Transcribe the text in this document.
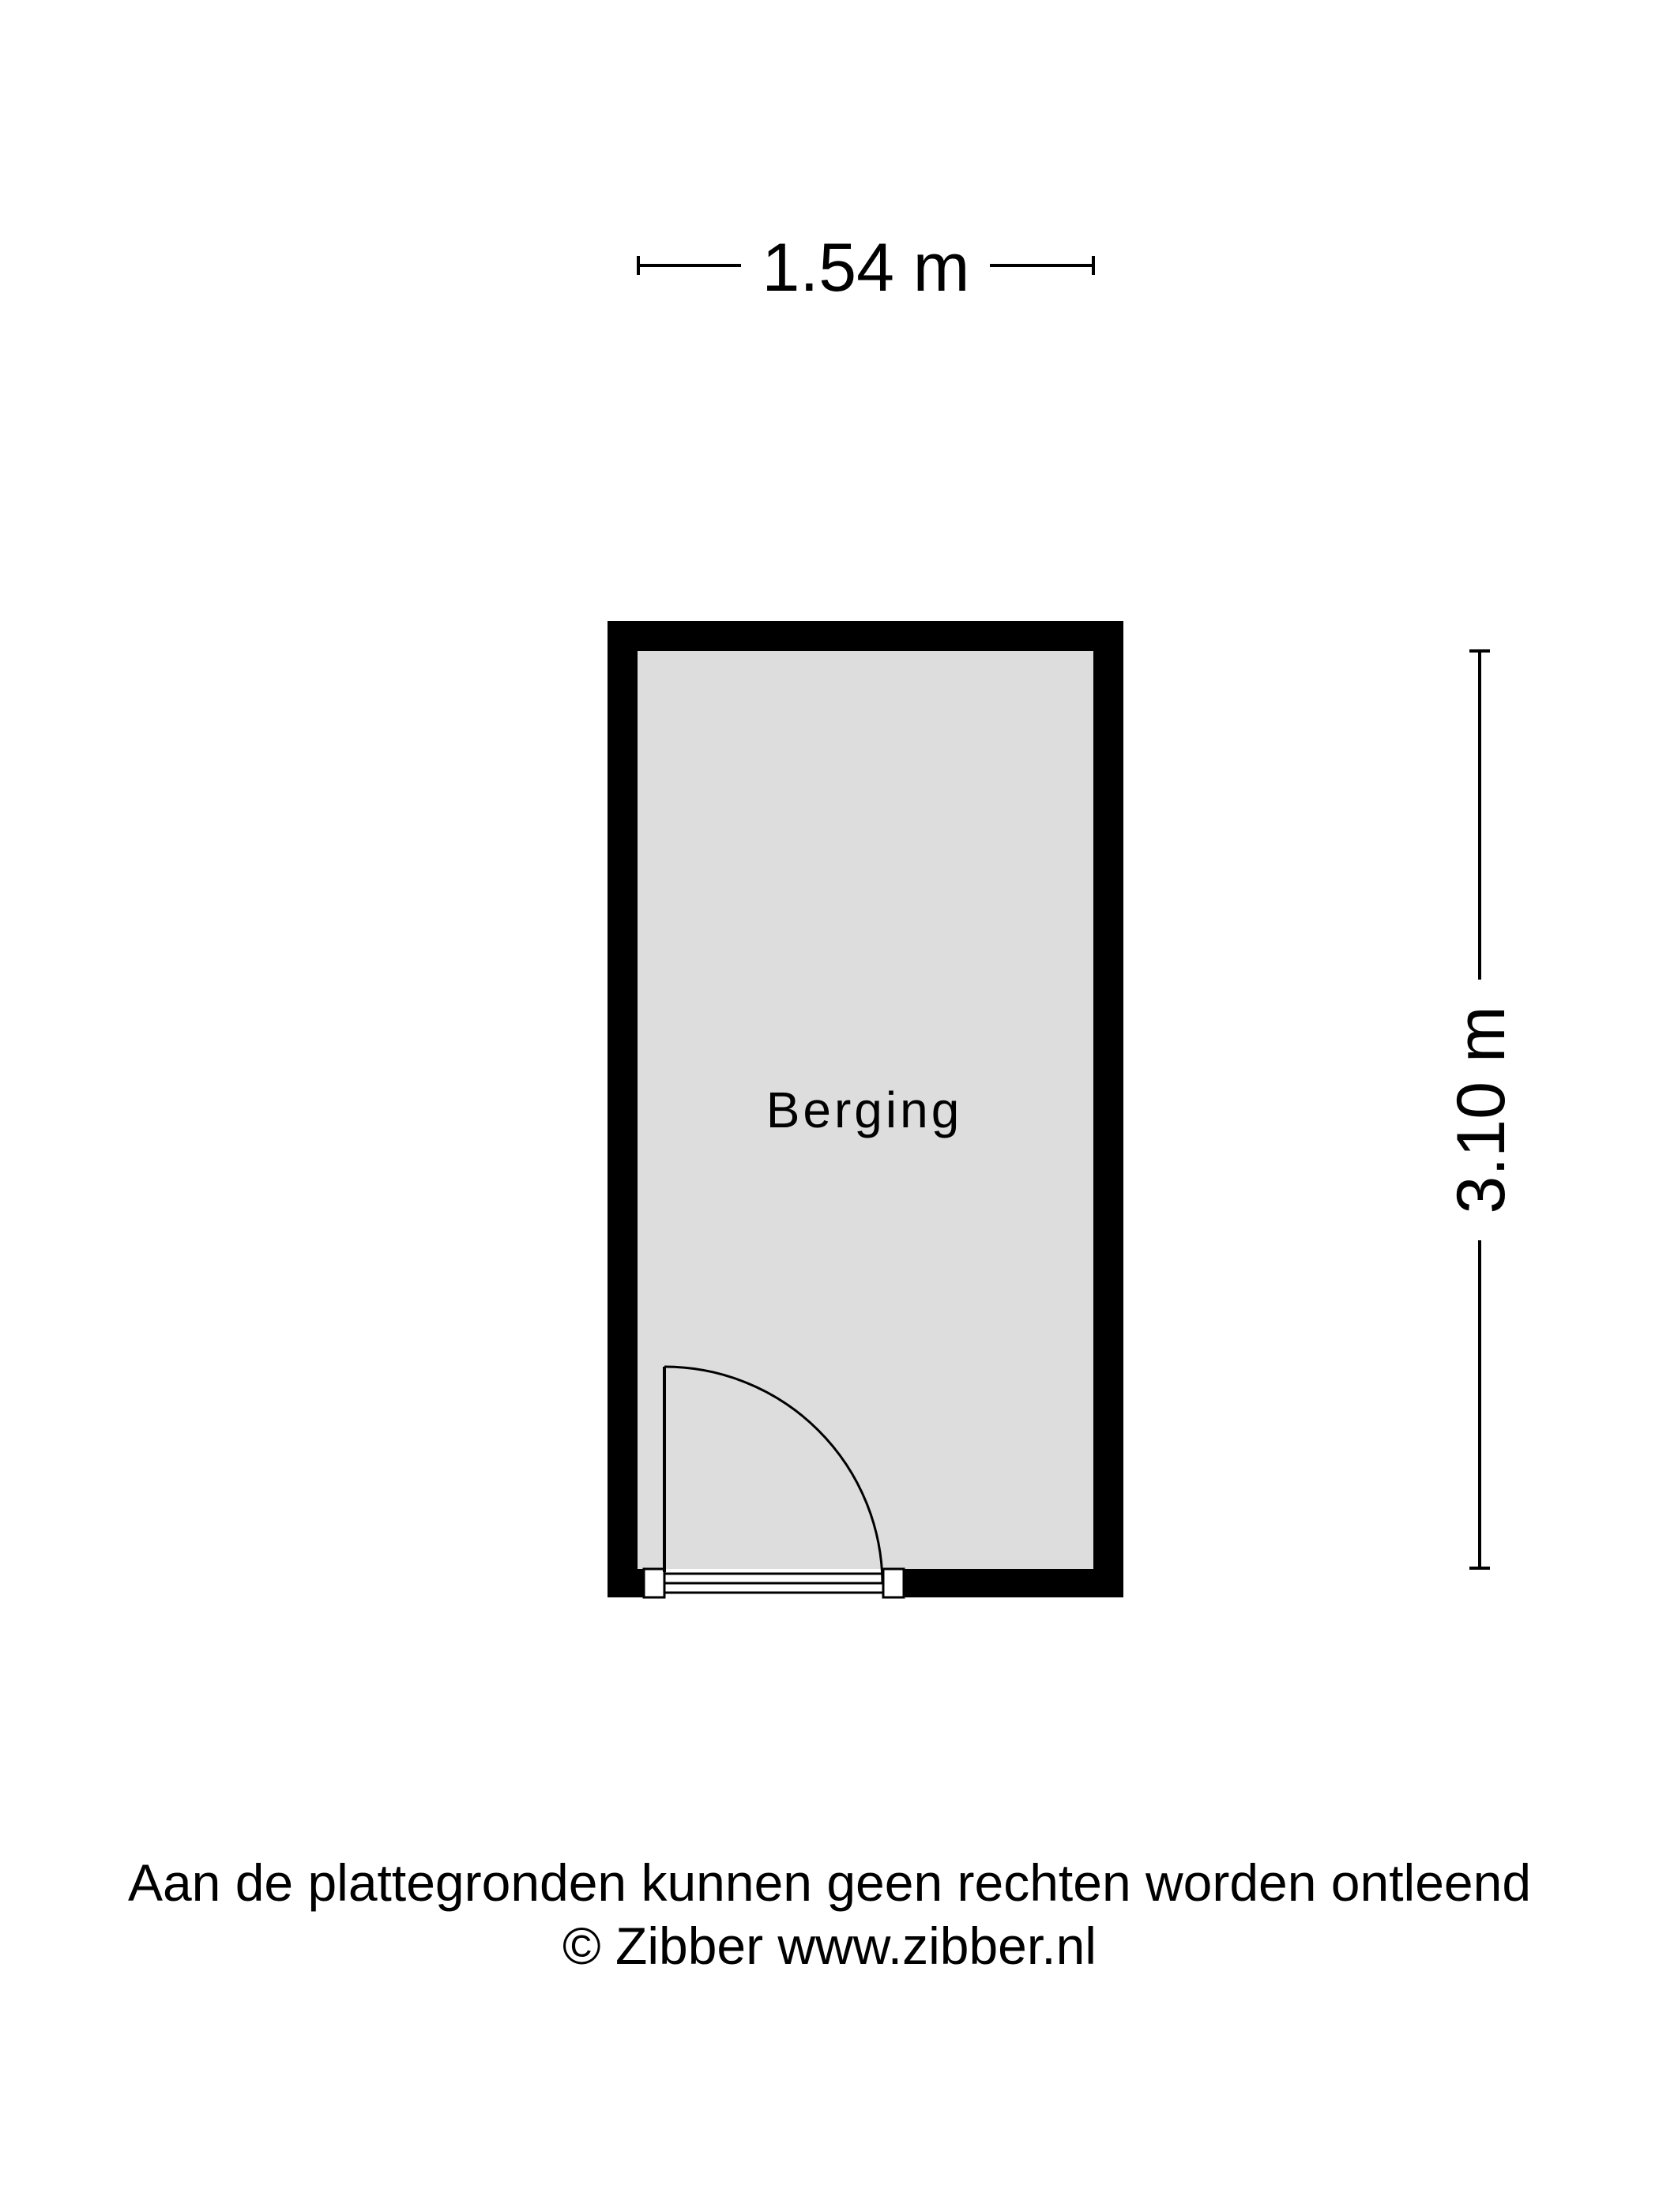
1.54 m
Berging	3.10 m
Aan de plattegronden kunnen geen rechten worden ontleend
© Zibber www.zibber.nl
